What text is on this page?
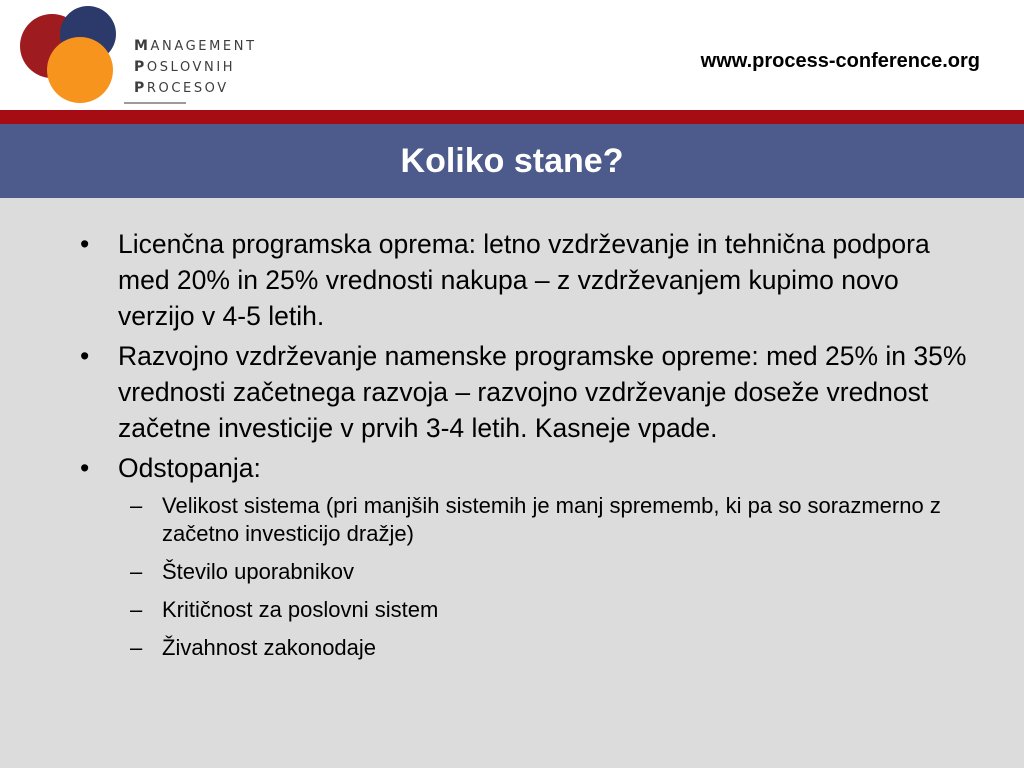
MANAGEMENT
POSLOVNIH
PROCESOV
www.process-conference.org
Koliko stane?
• Licenčna programska oprema: letno vzdrževanje in tehnična podpora med 20% in 25% vrednosti nakupa – z vzdrževanjem kupimo novo verzijo v 4-5 letih.
• Razvojno vzdrževanje namenske programske opreme: med 25% in 35% vrednosti začetnega razvoja – razvojno vzdrževanje doseže vrednost začetne investicije v prvih 3-4 letih. Kasneje vpade.
• Odstopanja:
– Velikost sistema (pri manjših sistemih je manj sprememb, ki pa so sorazmerno z začetno investicijo dražje)
– Število uporabnikov
– Kritičnost za poslovni sistem
– Živahnost zakonodaje
